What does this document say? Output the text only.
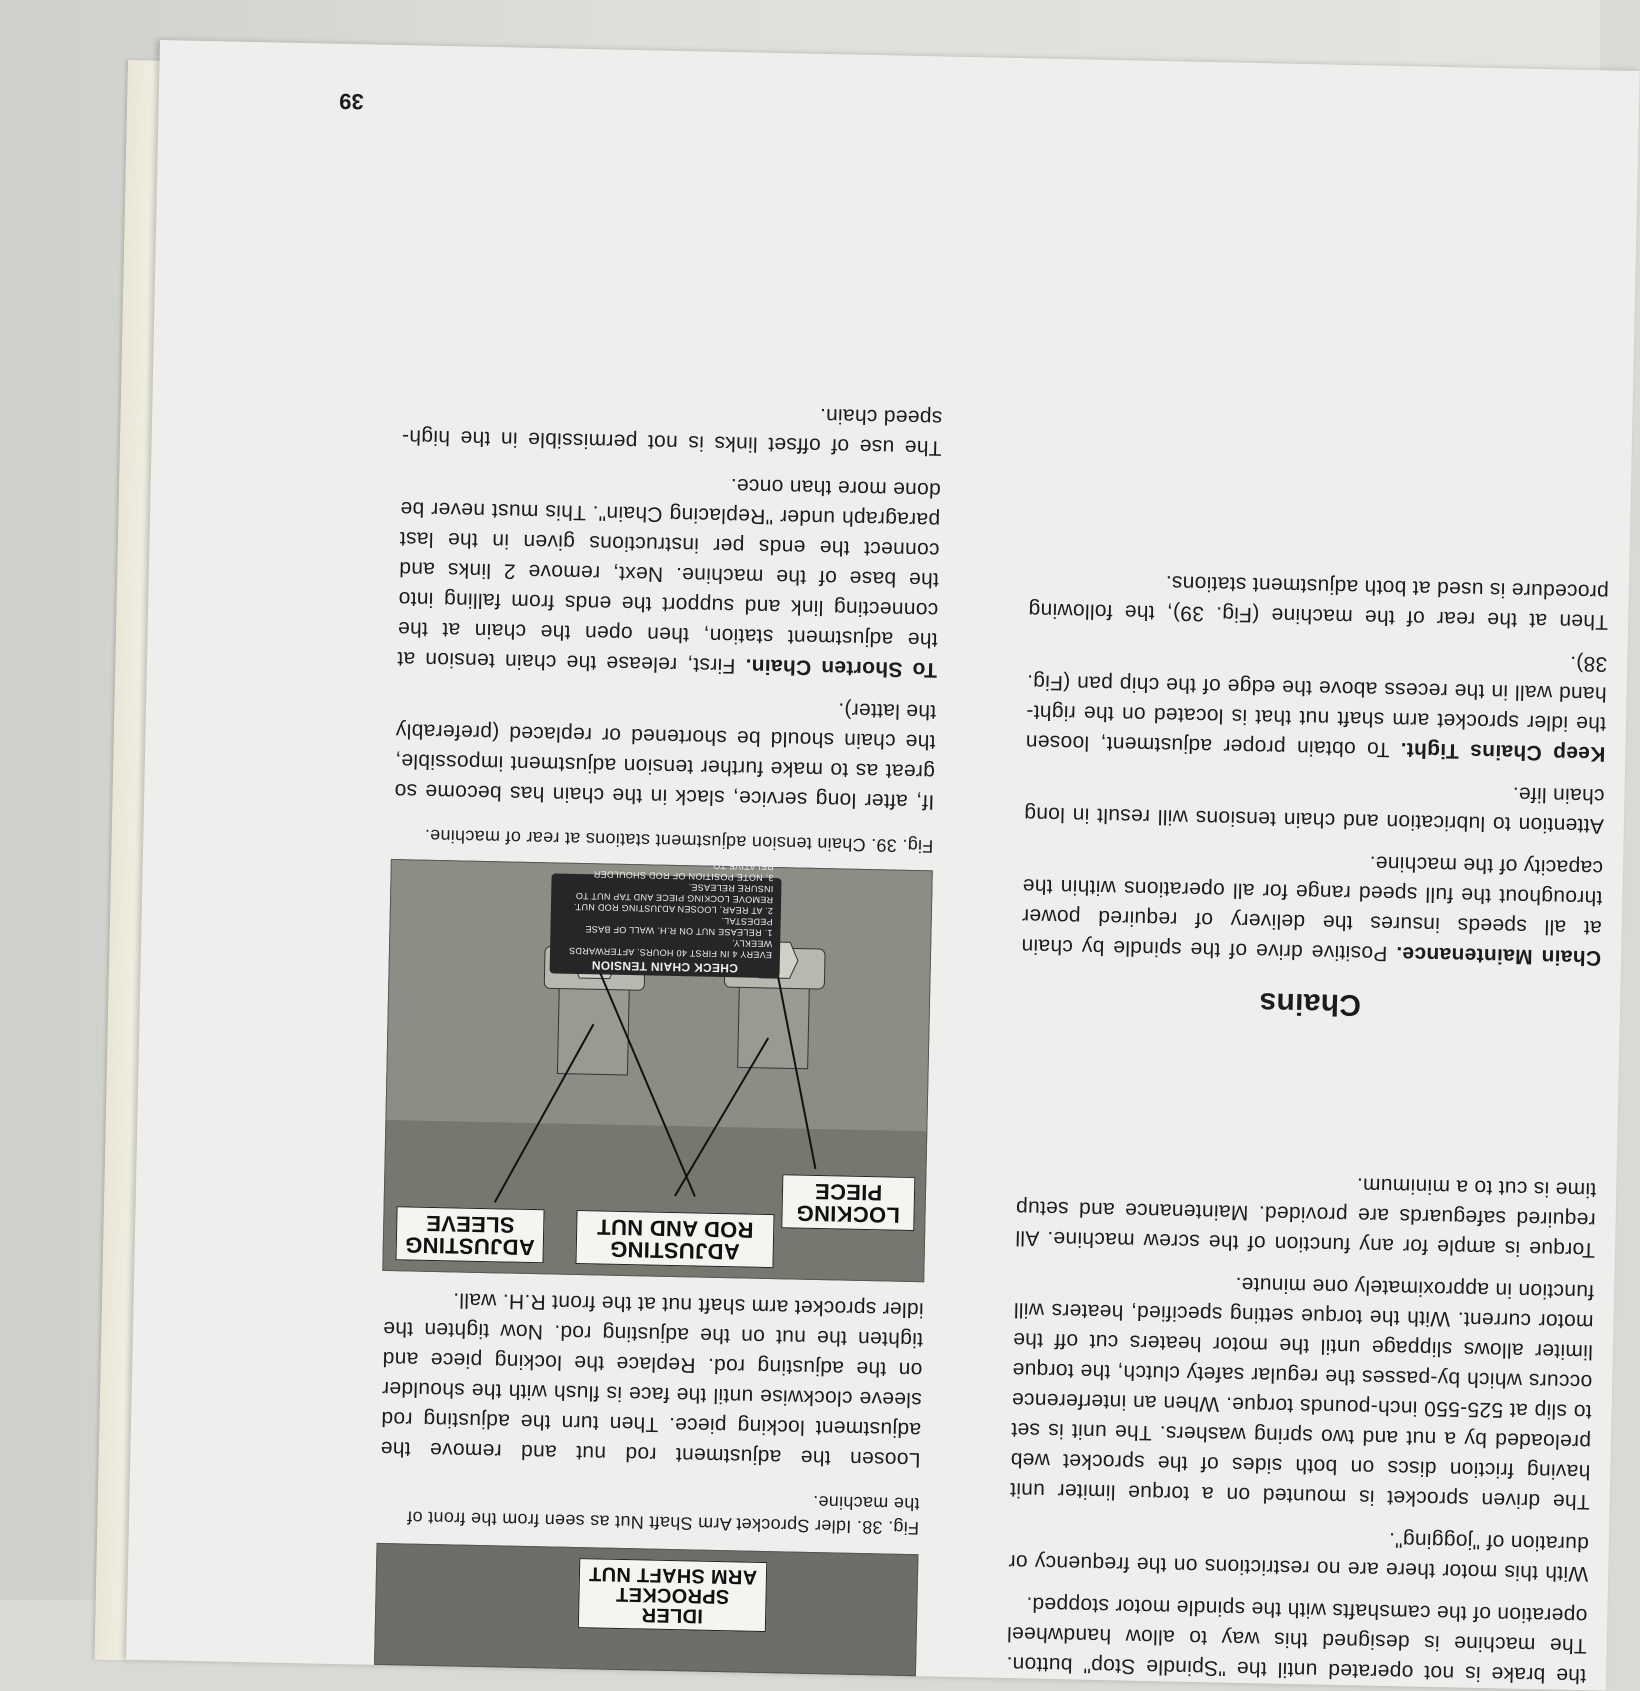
the brake is not operated until the "Spindle Stop" button. The machine is designed this way to allow handwheel operation of the camshafts with the spindle motor stopped.

With this motor there are no restrictions on the frequency or duration of "jogging".

The driven sprocket is mounted on a torque limiter unit having friction discs on both sides of the sprocket web preloaded by a nut and two spring washers. The unit is set to slip at 525-550 inch-pounds torque. When an interference occurs which by-passes the regular safety clutch, the torque limiter allows slippage until the motor heaters cut off the motor current. With the torque setting specified, heaters will function in approximately one minute.

Torque is ample for any function of the screw machine. All required safeguards are provided. Maintenance and setup time is cut to a minimum.

Chains

Chain Maintenance. Positive drive of the spindle by chain at all speeds insures the delivery of required power throughout the full speed range for all operations within the capacity of the machine.

Attention to lubrication and chain tensions will result in long chain life.

Keep Chains Tight. To obtain proper adjustment, loosen the idler sprocket arm shaft nut that is located on the right-hand wall in the recess above the edge of the chip pan (Fig. 38).

Then at the rear of the machine (Fig. 39), the following procedure is used at both adjustment stations.

IDLER SPROCKET
ARM SHAFT NUT
Fig. 38. Idler Sprocket Arm Shaft Nut as seen from the front of the machine.

Loosen the adjustment rod nut and remove the adjustment locking piece. Then turn the adjusting rod sleeve clockwise until the face is flush with the shoulder on the adjusting rod. Replace the locking piece and tighten the nut on the adjusting rod. Now tighten the idler sprocket arm shaft nut at the front R.H. wall.

LOCKING PIECE
ADJUSTING ROD AND NUT
ADJUSTING SLEEVE
CHECK CHAIN TENSION
EVERY 4 IN FIRST 40 HOURS. AFTERWARDS WEEKLY.
1. RELEASE NUT ON R.H. WALL OF BASE PEDESTAL.
2. AT REAR, LOOSEN ADJUSTING ROD NUT. REMOVE LOCKING PIECE AND TAP NUT TO INSURE RELEASE.
3. NOTE POSITION OF ROD SHOULDER RELATIVE TO
Fig. 39. Chain tension adjustment stations at rear of machine.

If, after long service, slack in the chain has become so great as to make further tension adjustment impossible, the chain should be shortened or replaced (preferably the latter).

To Shorten Chain. First, release the chain tension at the adjustment station, then open the chain at the connecting link and support the ends from falling into the base of the machine. Next, remove 2 links and connect the ends per instructions given in the last paragraph under "Replacing Chain". This must never be done more than once.

The use of offset links is not permissible in the high-speed chain.

39
